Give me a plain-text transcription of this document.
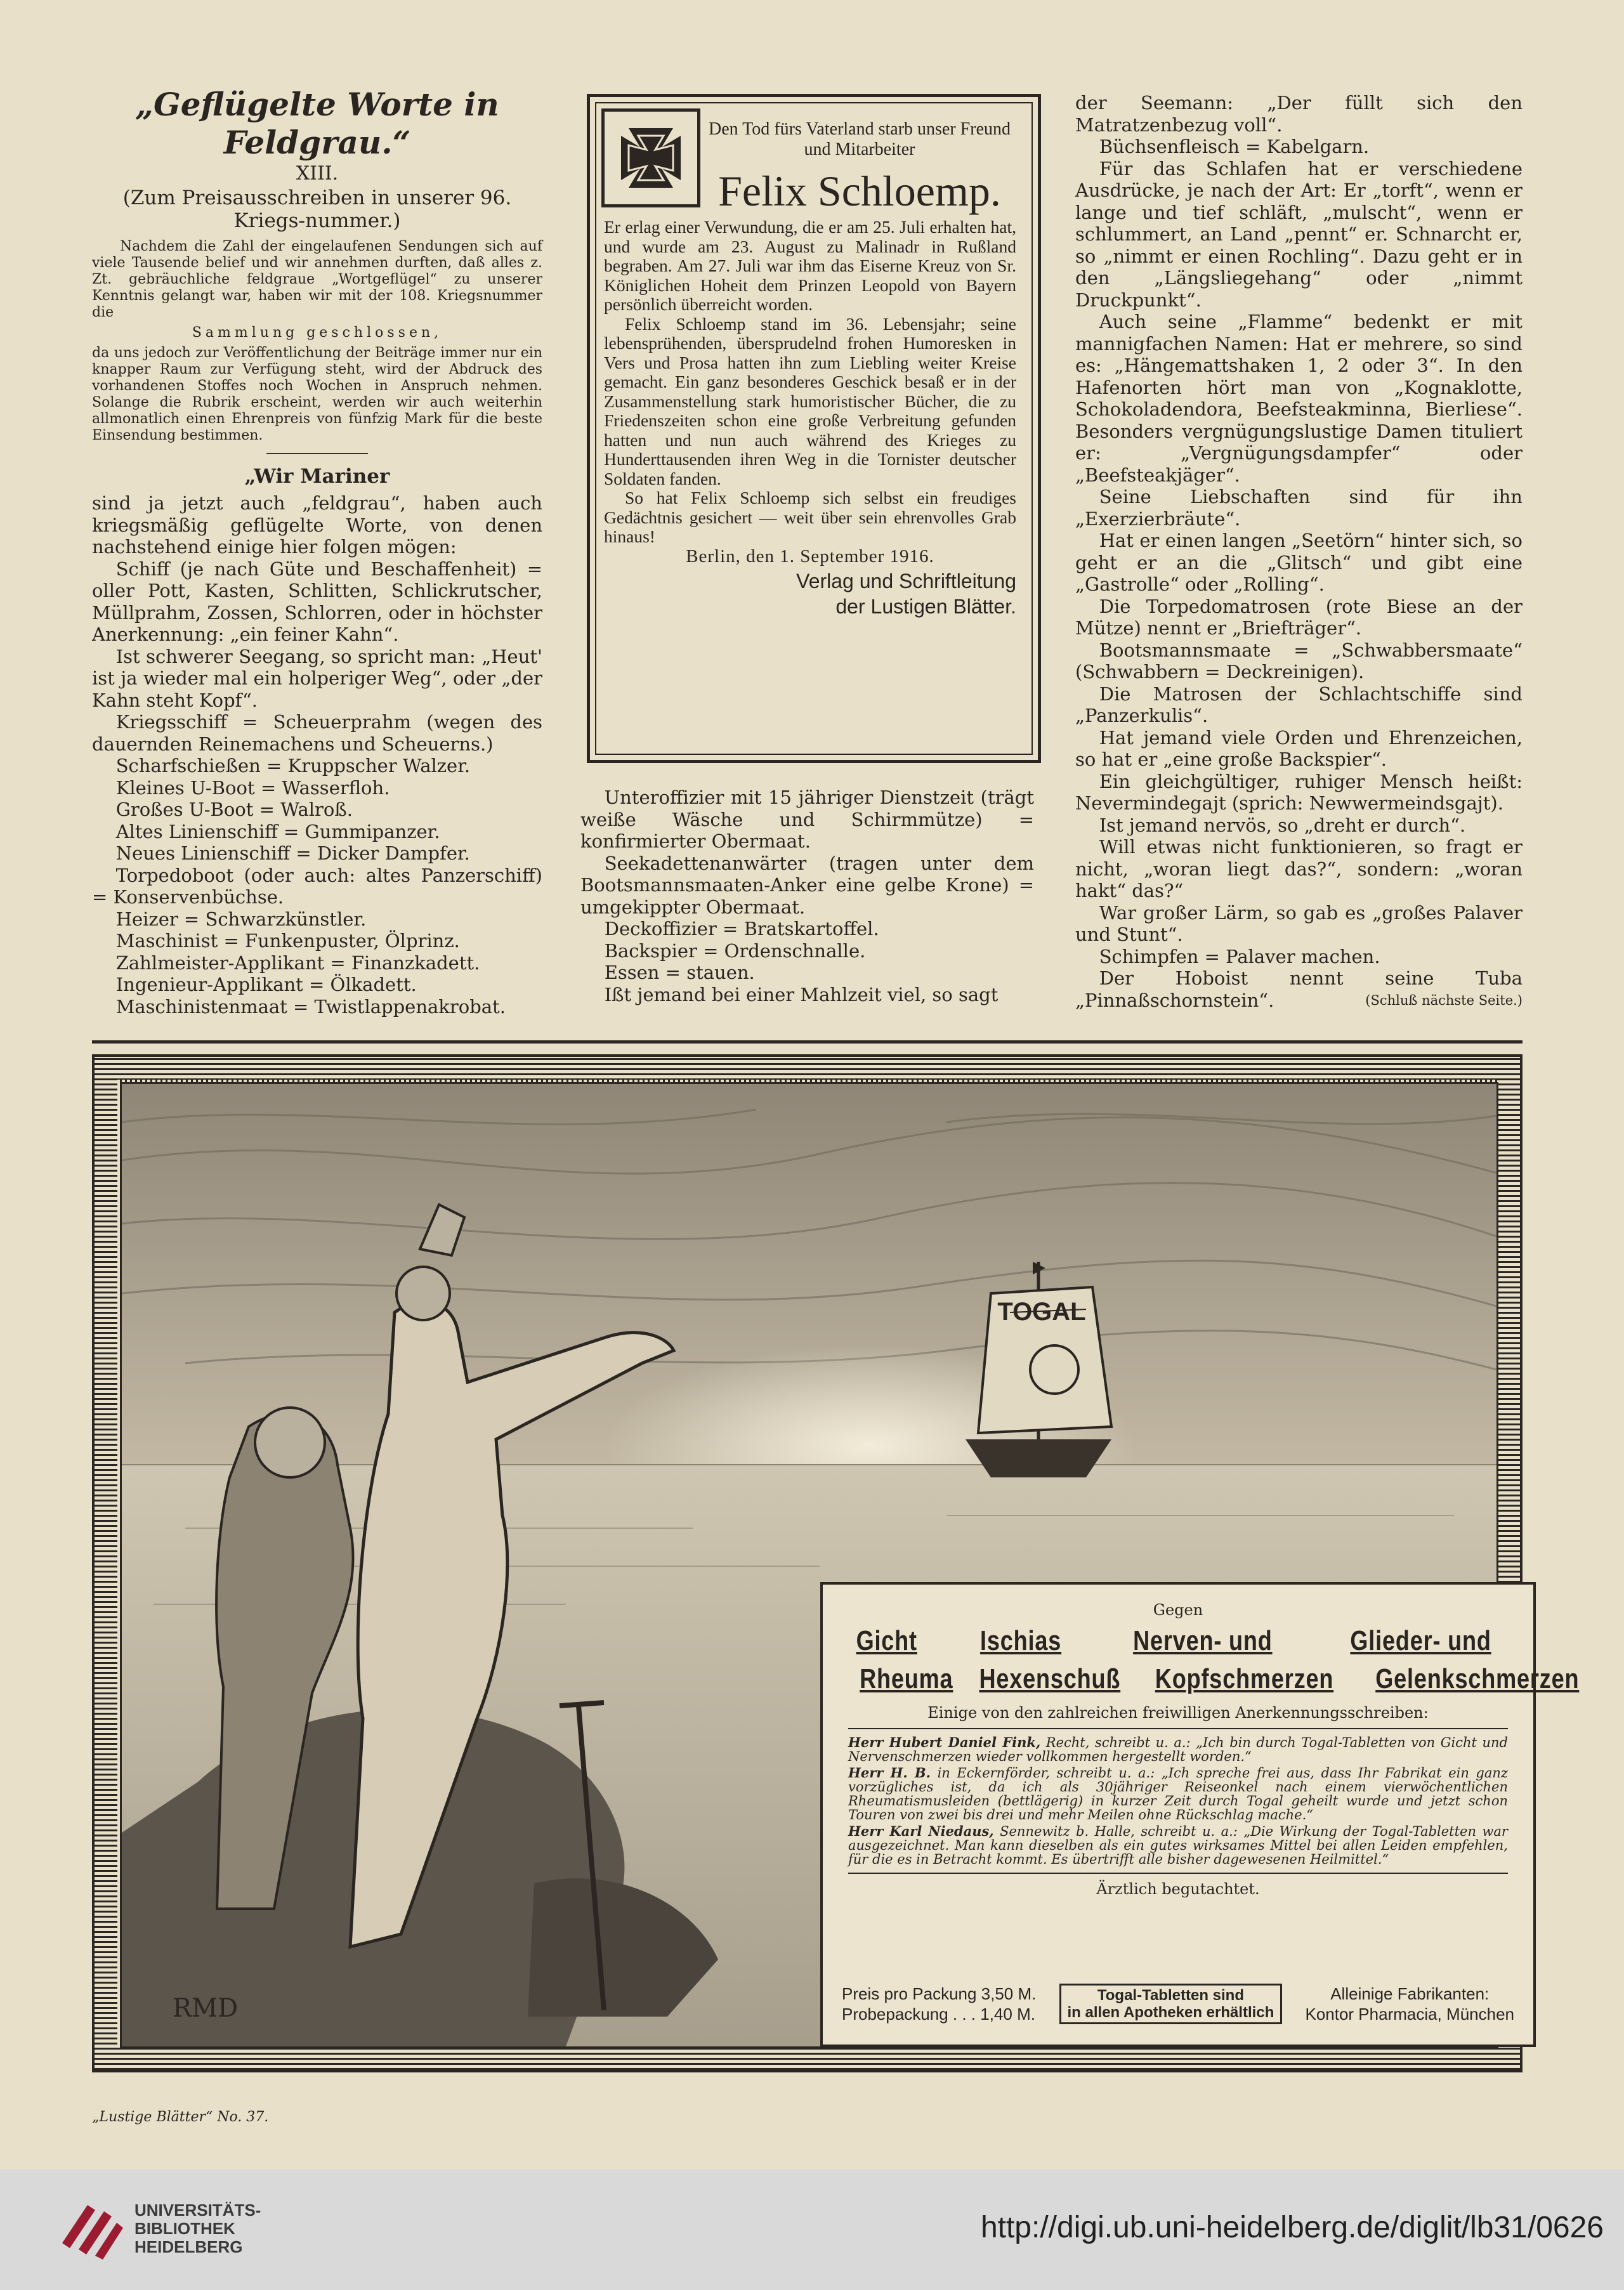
„Geflügelte Worte in Feldgrau.“

XIII.
(Zum Preisausschreiben in unserer 96. Kriegs-nummer.)

Nachdem die Zahl der eingelaufenen Sendungen sich auf viele Tausende belief und wir annehmen durften, daß alles z. Zt. gebräuchliche feldgraue „Wortgeflügel“ zu unserer Kenntnis gelangt war, haben wir mit der 108. Kriegsnummer die

Sammlung geschlossen,

da uns jedoch zur Veröffentlichung der Beiträge immer nur ein knapper Raum zur Verfügung steht, wird der Abdruck des vorhandenen Stoffes noch Wochen in Anspruch nehmen. Solange die Rubrik erscheint, werden wir auch weiterhin allmonatlich einen Ehrenpreis von fünfzig Mark für die beste Einsendung bestimmen.

„Wir Mariner

sind ja jetzt auch „feldgrau“, haben auch kriegsmäßig geflügelte Worte, von denen nachstehend einige hier folgen mögen:

Schiff (je nach Güte und Beschaffenheit) = oller Pott, Kasten, Schlitten, Schlickrutscher, Müllprahm, Zossen, Schlorren, oder in höchster Anerkennung: „ein feiner Kahn“.

Ist schwerer Seegang, so spricht man: „Heut' ist ja wieder mal ein holperiger Weg“, oder „der Kahn steht Kopf“.

Kriegsschiff = Scheuerprahm (wegen des dauernden Reinemachens und Scheuerns.)

Scharfschießen = Kruppscher Walzer.

Kleines U-Boot = Wasserfloh.

Großes U-Boot = Walroß.

Altes Linienschiff = Gummipanzer.

Neues Linienschiff = Dicker Dampfer.

Torpedoboot (oder auch: altes Panzerschiff) = Konservenbüchse.

Heizer = Schwarzkünstler.

Maschinist = Funkenpuster, Ölprinz.

Zahlmeister-Applikant = Finanzkadett.

Ingenieur-Applikant = Ölkadett.

Maschinistenmaat = Twistlappenakrobat.

Den Tod fürs Vaterland starb unser Freund und Mitarbeiter
Felix Schloemp.

Er erlag einer Verwundung, die er am 25. Juli erhalten hat, und wurde am 23. August zu Malinadr in Rußland begraben. Am 27. Juli war ihm das Eiserne Kreuz von Sr. Königlichen Hoheit dem Prinzen Leopold von Bayern persönlich überreicht worden.

Felix Schloemp stand im 36. Lebensjahr; seine lebensprühenden, übersprudelnd frohen Humoresken in Vers und Prosa hatten ihn zum Liebling weiter Kreise gemacht. Ein ganz besonderes Geschick besaß er in der Zusammenstellung stark humoristischer Bücher, die zu Friedenszeiten schon eine große Verbreitung gefunden hatten und nun auch während des Krieges zu Hunderttausenden ihren Weg in die Tornister deutscher Soldaten fanden.

So hat Felix Schloemp sich selbst ein freudiges Gedächtnis gesichert — weit über sein ehrenvolles Grab hinaus!

Berlin, den 1. September 1916.
Verlag und Schriftleitung
der Lustigen Blätter.

Unteroffizier mit 15 jähriger Dienstzeit (trägt weiße Wäsche und Schirmmütze) = konfirmierter Obermaat.

Seekadettenanwärter (tragen unter dem Bootsmannsmaaten-Anker eine gelbe Krone) = umgekippter Obermaat.

Deckoffizier = Bratskartoffel.

Backspier = Ordenschnalle.

Essen = stauen.

Ißt jemand bei einer Mahlzeit viel, so sagt

der Seemann: „Der füllt sich den Matratzenbezug voll“.

Büchsenfleisch = Kabelgarn.

Für das Schlafen hat er verschiedene Ausdrücke, je nach der Art: Er „torft“, wenn er lange und tief schläft, „mulscht“, wenn er schlummert, an Land „pennt“ er. Schnarcht er, so „nimmt er einen Rochling“. Dazu geht er in den „Längsliegehang“ oder „nimmt Druckpunkt“.

Auch seine „Flamme“ bedenkt er mit mannigfachen Namen: Hat er mehrere, so sind es: „Hängemattshaken 1, 2 oder 3“. In den Hafenorten hört man von „Kognaklotte, Schokoladendora, Beefsteakminna, Bierliese“. Besonders vergnügungslustige Damen tituliert er: „Vergnügungsdampfer“ oder „Beefsteakjäger“.

Seine Liebschaften sind für ihn „Exerzierbräute“.

Hat er einen langen „Seetörn“ hinter sich, so geht er an die „Glitsch“ und gibt eine „Gastrolle“ oder „Rolling“.

Die Torpedomatrosen (rote Biese an der Mütze) nennt er „Briefträger“.

Bootsmannsmaate = „Schwabbersmaate“ (Schwabbern = Deckreinigen).

Die Matrosen der Schlachtschiffe sind „Panzerkulis“.

Hat jemand viele Orden und Ehrenzeichen, so hat er „eine große Backspier“.

Ein gleichgültiger, ruhiger Mensch heißt: Nevermindegajt (sprich: Newwermeindsgajt).

Ist jemand nervös, so „dreht er durch“.

Will etwas nicht funktionieren, so fragt er nicht, „woran liegt das?“, sondern: „woran hakt“ das?“

War großer Lärm, so gab es „großes Palaver und Stunt“.

Schimpfen = Palaver machen.

Der Hoboist nennt seine Tuba „Pinnaßschornstein“.	(Schluß nächste Seite.)

TOGAL
RMD
Gegen
Gicht Ischias	Nerven- und	Glieder- und
Rheuma Hexenschuß Kopfschmerzen Gelenkschmerzen
Einige von den zahlreichen freiwilligen Anerkennungsschreiben:

Herr Hubert Daniel Fink, Recht, schreibt u. a.: „Ich bin durch Togal-Tabletten von Gicht und Nervenschmerzen wieder vollkommen hergestellt worden.“

Herr H. B. in Eckernförder, schreibt u. a.: „Ich spreche frei aus, dass Ihr Fabrikat ein ganz vorzügliches ist, da ich als 30jähriger Reiseonkel nach einem vierwöchentlichen Rheumatismusleiden (bettlägerig) in kurzer Zeit durch Togal geheilt wurde und jetzt schon Touren von zwei bis drei und mehr Meilen ohne Rückschlag mache.“

Herr Karl Niedaus, Sennewitz b. Halle, schreibt u. a.: „Die Wirkung der Togal-Tabletten war ausgezeichnet. Man kann dieselben als ein gutes wirksames Mittel bei allen Leiden empfehlen, für die es in Betracht kommt. Es übertrifft alle bisher dagewesenen Heilmittel.“

Ärztlich begutachtet.
Preis pro Packung 3,50 M.
Probepackung . . . 1,40 M.
Togal-Tabletten sind
in allen Apotheken erhältlich
Alleinige Fabrikanten:
Kontor Pharmacia, München
„Lustige Blätter“ No. 37.
UNIVERSITÄTS-
BIBLIOTHEK
HEIDELBERG
http://digi.ub.uni-heidelberg.de/diglit/lb31/0626
